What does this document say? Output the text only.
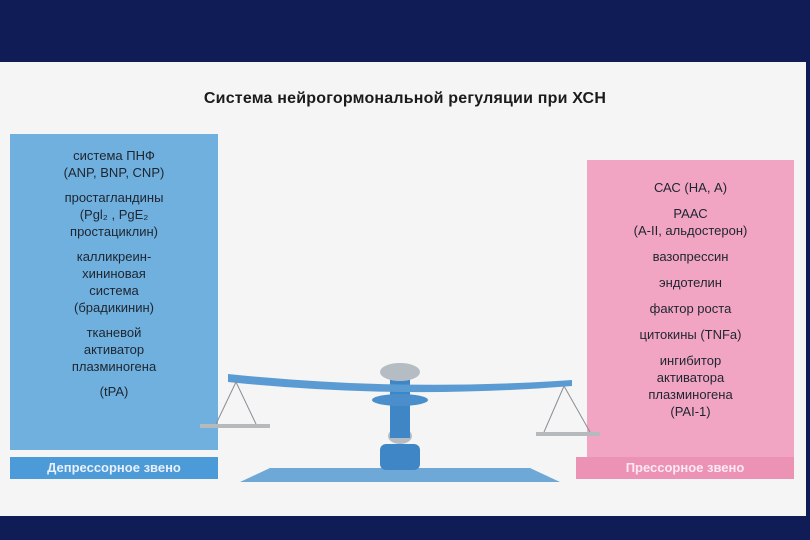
Система нейрогормональной регуляции при ХСН
система ПНФ
(ANP, BNP, CNP)
простагландины
(Pgl₂ , PgE₂
простациклин)
калликреин-
хининовая
система
(брадикинин)
тканевой
активатор
плазминогена
(tPA)
САС (НА, А)
РААС
(А-II, альдостерон)
вазопрессин
эндотелин
фактор роста
цитокины (TNFa)
ингибитор
активатора
плазминогена
(PAI-1)
Депрессорное звено	Прессорное звено
